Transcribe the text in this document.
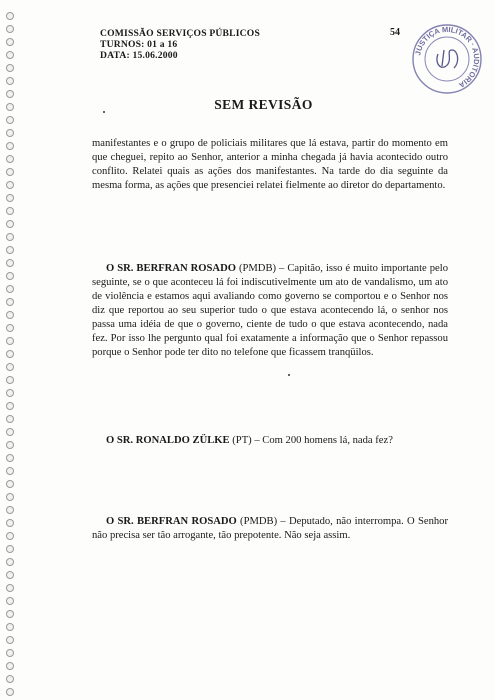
COMISSÃO SERVIÇOS PÚBLICOS
TURNOS: 01 a 16
DATA: 15.06.2000
54
JUSTIÇA MILITAR · AUDITORIA
SEM REVISÃO
manifestantes e o grupo de policiais militares que lá estava, partir do momento em que cheguei, repito ao Senhor, anterior a minha chegada já havia acontecido outro conflito. Relatei quais as ações dos manifestantes. Na tarde do dia seguinte da mesma forma, as ações que presenciei relatei fielmente ao diretor do departamento.
O SR. BERFRAN ROSADO (PMDB) – Capitão, isso é muito importante pelo seguinte, se o que aconteceu lá foi indiscutivelmente um ato de vandalismo, um ato de violência e estamos aqui avaliando como governo se comportou e o Senhor nos diz que reportou ao seu superior tudo o que estava acontecendo lá, o senhor nos passa uma idéia de que o governo, ciente de tudo o que estava acontecendo, nada fez. Por isso lhe pergunto qual foi exatamente a informação que o Senhor repassou porque o Senhor pode ter dito no telefone que ficassem tranqüilos.
O SR. RONALDO ZÜLKE (PT) – Com 200 homens lá, nada fez?
O SR. BERFRAN ROSADO (PMDB) – Deputado, não interrompa. O Senhor não precisa ser tão arrogante, tão prepotente. Não seja assim.
